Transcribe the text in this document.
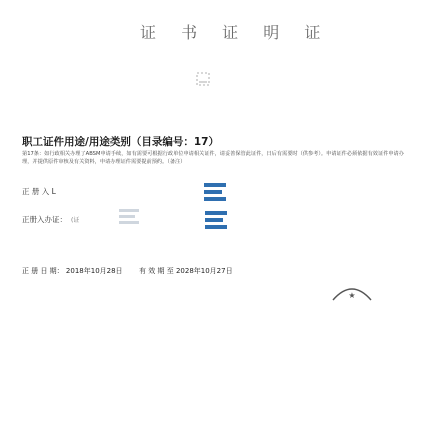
证 书 证 明 证
职工证件用途/用途类别（目录编号：17）
第17条：如行政相关办理了ABSM申请手续，如有需要可根据行政单位申请相关证件，请妥善保管此证件，日后有需要时（供参考）。申请证件必须依据有效证件申请办理，并提供原件审核及有关资料，申请办理证件需要提前预约。（备注）
正 册 入 L
正册入办证： (证
正 册 日 期： 2018年10月28日 有 效 期 至 2028年10月27日
★
